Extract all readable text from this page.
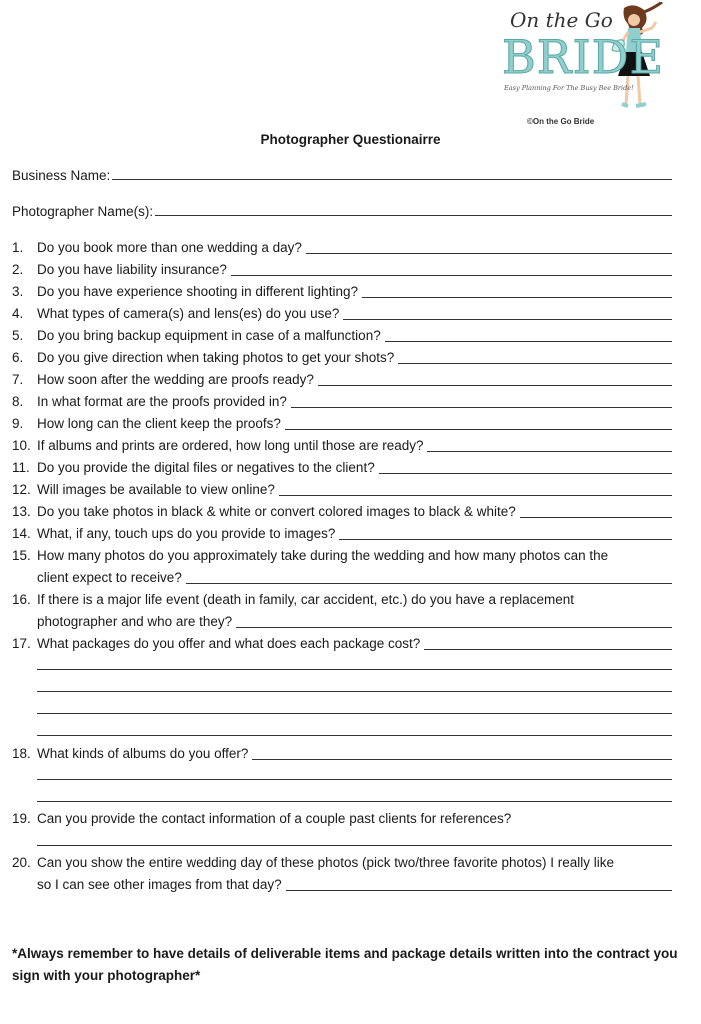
On the Go
BRIDE
Easy Planning For The Busy Bee Bride!
©On the Go Bride
Photographer Questionairre
Business Name:
Photographer Name(s):
1.	Do you book more than one wedding a day?
2.	Do you have liability insurance?
3.	Do you have experience shooting in different lighting?
4.	What types of camera(s) and lens(es) do you use?
5.	Do you bring backup equipment in case of a malfunction?
6.	Do you give direction when taking photos to get your shots?
7.	How soon after the wedding are proofs ready?
8.	In what format are the proofs provided in?
9.	How long can the client keep the proofs?
10. If albums and prints are ordered, how long until those are ready?
11. Do you provide the digital files or negatives to the client?
12. Will images be available to view online?
13. Do you take photos in black & white or convert colored images to black & white?
14. What, if any, touch ups do you provide to images?
15. How many photos do you approximately take during the wedding and how many photos can the
client expect to receive?
16. If there is a major life event (death in family, car accident, etc.) do you have a replacement
photographer and who are they?
17. What packages do you offer and what does each package cost?
18. What kinds of albums do you offer?
19. Can you provide the contact information of a couple past clients for references?
20. Can you show the entire wedding day of these photos (pick two/three favorite photos) I really like
so I can see other images from that day?
*Always remember to have details of deliverable items and package details written into the contract you sign with your photographer*
